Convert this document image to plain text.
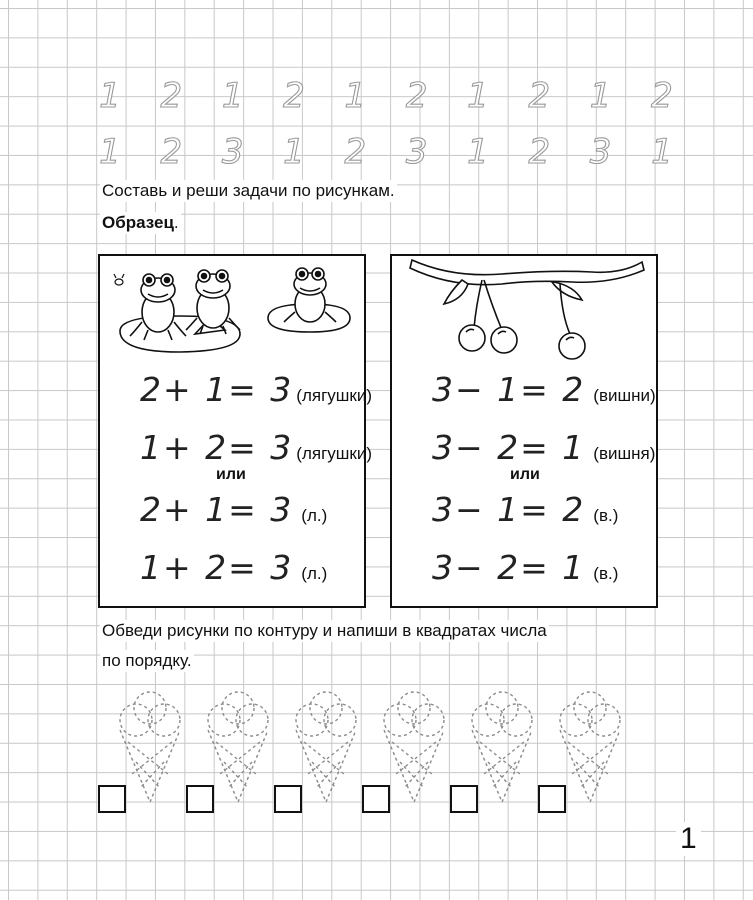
1 2 1 2 1 2 1 2 1 2
1 2 3 1 2 3 1 2 3 1
Составь и реши задачи по рисункам.
Образец.
2+ 1= 3 (лягушки)
1+ 2= 3 (лягушки)
или
2+ 1= 3 (л.)
1+ 2= 3 (л.)
3− 1= 2 (вишни)
3− 2= 1 (вишня)
или
3− 1= 2 (в.)
3− 2= 1 (в.)
Обведи рисунки по контуру и напиши в квадратах числа
по порядку.
1
